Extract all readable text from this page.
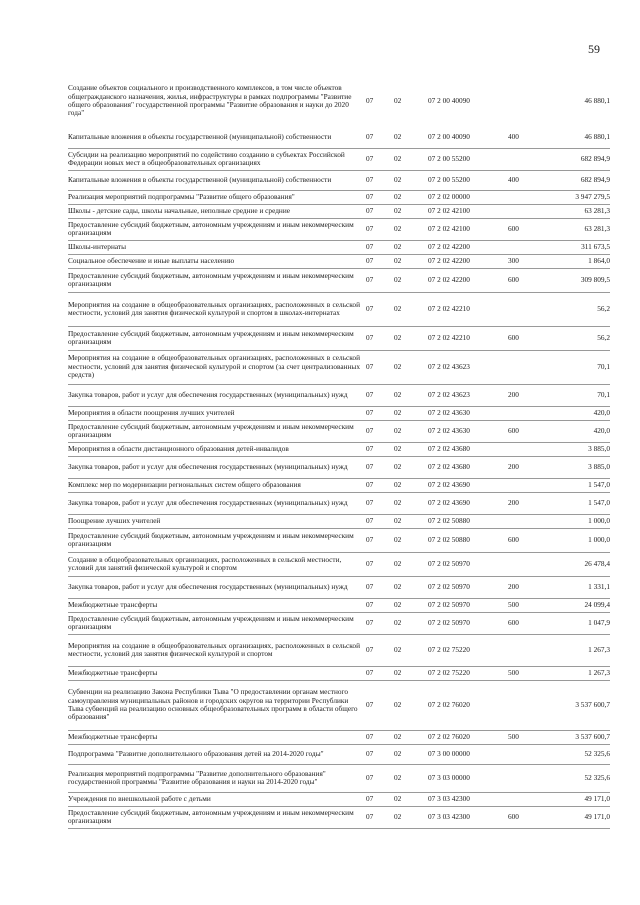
59
Создание объектов социального и производственного комплексов, в том числе объектов общегражданского назначения, жилья, инфраструктуры в рамках подпрограммы "Развитие общего образования" государственной программы "Развитие образования и науки до 2020 года"	07	02	07 2 00 40090		46 880,1
Капитальные вложения в объекты государственной (муниципальной) собственности	07	02	07 2 00 40090	400	46 880,1
Субсидии на реализацию мероприятий по содействию созданию в субъектах Российской Федерации новых мест в общеобразовательных организациях	07	02	07 2 00 55200		682 894,9
Капитальные вложения в объекты государственной (муниципальной) собственности	07	02	07 2 00 55200	400	682 894,9
Реализация мероприятий подпрограммы "Развитие общего образования"	07	02	07 2 02 00000		3 947 279,5
Школы - детские сады, школы начальные, неполные средние и средние	07	02	07 2 02 42100		63 281,3
Предоставление субсидий бюджетным, автономным учреждениям и иным некоммерческим организациям	07	02	07 2 02 42100	600	63 281,3
Школы-интернаты	07	02	07 2 02 42200		311 673,5
Социальное обеспечение и иные выплаты населению	07	02	07 2 02 42200	300	1 864,0
Предоставление субсидий бюджетным, автономным учреждениям и иным некоммерческим организациям	07	02	07 2 02 42200	600	309 809,5
Мероприятия на создание в общеобразовательных организациях, расположенных в сельской местности, условий для занятия физической культурой и спортом в школах-интернатах	07	02	07 2 02 42210		56,2
Предоставление субсидий бюджетным, автономным учреждениям и иным некоммерческим организациям	07	02	07 2 02 42210	600	56,2
Мероприятия на создание в общеобразовательных организациях, расположенных в сельской местности, условий для занятия физической культурой и спортом (за счет централизованных средств)	07	02	07 2 02 43623		70,1
Закупка товаров, работ и услуг для обеспечения государственных (муниципальных) нужд	07	02	07 2 02 43623	200	70,1
Мероприятия в области поощрения лучших учителей	07	02	07 2 02 43630		420,0
Предоставление субсидий бюджетным, автономным учреждениям и иным некоммерческим организациям	07	02	07 2 02 43630	600	420,0
Мероприятия в области дистанционного образования детей-инвалидов	07	02	07 2 02 43680		3 885,0
Закупка товаров, работ и услуг для обеспечения государственных (муниципальных) нужд	07	02	07 2 02 43680	200	3 885,0
Комплекс мер по модернизации региональных систем общего образования	07	02	07 2 02 43690		1 547,0
Закупка товаров, работ и услуг для обеспечения государственных (муниципальных) нужд	07	02	07 2 02 43690	200	1 547,0
Поощрение лучших учителей	07	02	07 2 02 50880		1 000,0
Предоставление субсидий бюджетным, автономным учреждениям и иным некоммерческим организациям	07	02	07 2 02 50880	600	1 000,0
Создание в общеобразовательных организациях, расположенных в сельской местности, условий для занятий физической культурой и спортом	07	02	07 2 02 50970		26 478,4
Закупка товаров, работ и услуг для обеспечения государственных (муниципальных) нужд	07	02	07 2 02 50970	200	1 331,1
Межбюджетные трансферты	07	02	07 2 02 50970	500	24 099,4
Предоставление субсидий бюджетным, автономным учреждениям и иным некоммерческим организациям	07	02	07 2 02 50970	600	1 047,9
Мероприятия на создание в общеобразовательных организациях, расположенных в сельской местности, условий для занятия физической культурой и спортом	07	02	07 2 02 75220		1 267,3
Межбюджетные трансферты	07	02	07 2 02 75220	500	1 267,3
Субвенции на реализацию Закона Республики Тыва "О предоставлении органам местного самоуправления муниципальных районов и городских округов на территории Республики Тыва субвенций на реализацию основных общеобразовательных программ в области общего образования"	07	02	07 2 02 76020		3 537 600,7
Межбюджетные трансферты	07	02	07 2 02 76020	500	3 537 600,7
Подпрограмма "Развитие дополнительного образования детей на 2014-2020 годы"	07	02	07 3 00 00000		52 325,6
Реализация мероприятий подпрограммы "Развитие дополнительного образования" государственной программы "Развитие образования и науки на 2014-2020 годы"	07	02	07 3 03 00000		52 325,6
Учреждения по внешкольной работе с детьми	07	02	07 3 03 42300		49 171,0
Предоставление субсидий бюджетным, автономным учреждениям и иным некоммерческим организациям	07	02	07 3 03 42300	600	49 171,0
